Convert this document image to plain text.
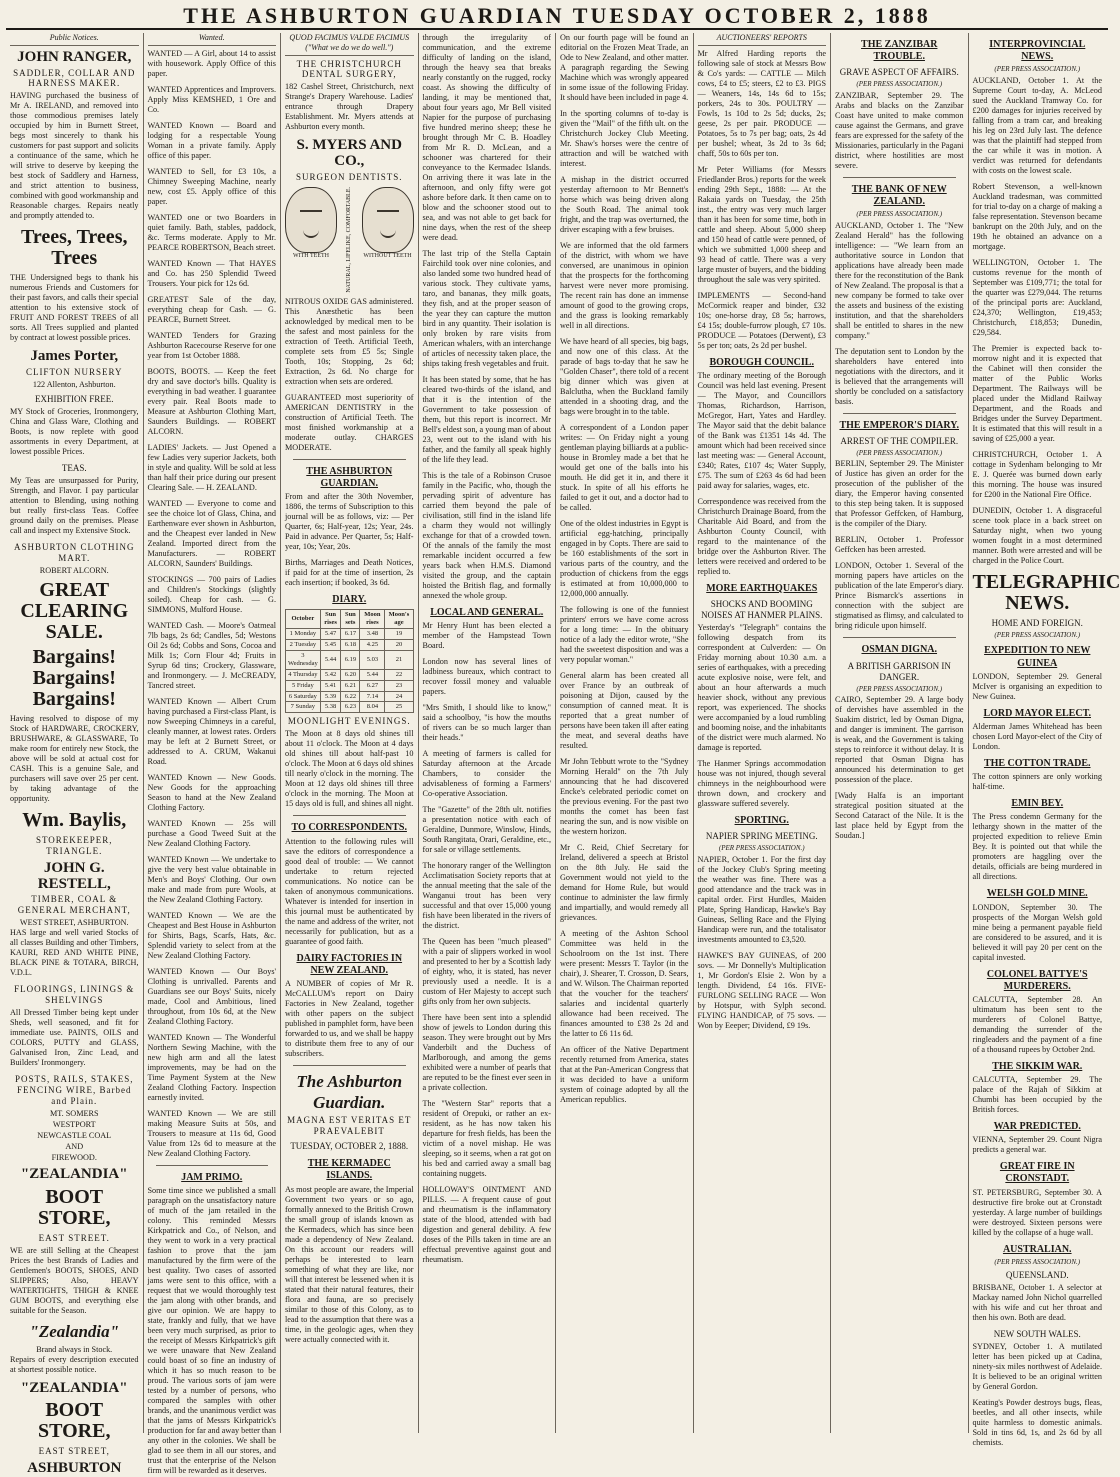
THE ASHBURTON GUARDIAN TUESDAY OCTOBER 2, 1888
Public Notices.
JOHN RANGER,
SADDLER, COLLAR AND HARNESS MAKER.
HAVING purchased the business of Mr A. IRELAND, and removed into those commodious premises lately occupied by him in Burnett Street, begs most sincerely to thank his customers for past support and solicits a continuance of the same, which he will strive to deserve by keeping the best stock of Saddlery and Harness, and strict attention to business, combined with good workmanship and Reasonable charges. Repairs neatly and promptly attended to.
Trees, Trees, Trees
THE Undersigned begs to thank his numerous Friends and Customers for their past favors, and calls their special attention to his extensive stock of FRUIT AND FOREST TREES of all sorts. All Trees supplied and planted by contract at lowest possible prices.
James Porter,
CLIFTON NURSERY
122 Allenton, Ashburton.
EXHIBITION FREE.
MY Stock of Groceries, Ironmongery, China and Glass Ware, Clothing and Boots, is now replete with good assortments in every Department, at lowest possible Prices.
TEAS.
My Teas are unsurpassed for Purity, Strength, and Flavor. I pay particular attention to Blending, using nothing but really first-class Teas. Coffee ground daily on the premises. Please call and inspect my Extensive Stock.
ASHBURTON CLOTHING MART.
ROBERT ALCORN.
GREAT CLEARING SALE.
Bargains! Bargains! Bargains!
Having resolved to dispose of my Stock of HARDWARE, CROCKERY, BRUSHWARE, & GLASSWARE, To make room for entirely new Stock, the above will be sold at actual cost for CASH. This is a genuine Sale, and purchasers will save over 25 per cent. by taking advantage of the opportunity.
Wm. Baylis,
STOREKEEPER, TRIANGLE.
JOHN G. RESTELL,
TIMBER, COAL & GENERAL MERCHANT,
WEST STREET, ASHBURTON.
HAS large and well varied Stocks of all classes Building and other Timbers, KAURI, RED AND WHITE PINE, BLACK PINE & TOTARA, BIRCH, V.D.L.
FLOORINGS, LININGS & SHELVINGS
All Dressed Timber being kept under Sheds, well seasoned, and fit for immediate use. PAINTS, OILS and COLORS, PUTTY and GLASS, Galvanised Iron, Zinc Lead, and Builders' Ironmongery.
POSTS, RAILS, STAKES, FENCING WIRE, Barbed and Plain.
MT. SOMERS
WESTPORT
NEWCASTLE COAL
AND
FIREWOOD.
"ZEALANDIA"
BOOT STORE,
EAST STREET.
WE are still Selling at the Cheapest Prices the best Brands of Ladies and Gentlemen's BOOTS, SHOES, AND SLIPPERS; Also, HEAVY WATERTIGHTS, THIGH & KNEE GUM BOOTS, and everything else suitable for the Season.
"Zealandia"
Brand always in Stock.
Repairs of every description executed at shortest possible notice.
"ZEALANDIA"
BOOT STORE,
EAST STREET,
ASHBURTON
Wanted.
WANTED — A Girl, about 14 to assist with housework. Apply Office of this paper.
WANTED Apprentices and Improvers. Apply Miss KEMSHED, 1 Ore and Co.
WANTED Known — Board and lodging for a respectable Young Woman in a private family. Apply office of this paper.
WANTED to Sell, for £3 10s, a Chimney Sweeping Machine, nearly new, cost £5. Apply office of this paper.
WANTED one or two Boarders in quiet family. Bath, stables, paddock, &c. Terms moderate. Apply to Mr. PEARCE ROBERTSON, Beach street.
WANTED Known — That HAYES and Co. has 250 Splendid Tweed Trousers. Your pick for 12s 6d.
GREATEST Sale of the day, everything cheap for Cash. — G. PEARCE, Burnett Street.
WANTED Tenders for Grazing Ashburton Racecourse Reserve for one year from 1st October 1888.
BOOTS, BOOTS. — Keep the feet dry and save doctor's bills. Quality is everything in bad weather. I guarantee every pair. Real Boots made to Measure at Ashburton Clothing Mart, Saunders Buildings. — ROBERT ALCORN.
LADIES' Jackets. — Just Opened a few Ladies very superior Jackets, both in style and quality. Will be sold at less than half their price during our present Clearing Sale. — H. ZEALAND.
WANTED — Everyone to come and see the choice lot of Glass, China, and Earthenware ever shown in Ashburton, and the Cheapest ever landed in New Zealand. Imported direct from the Manufacturers. — ROBERT ALCORN, Saunders' Buildings.
STOCKINGS — 700 pairs of Ladies and Children's Stockings (slightly soiled). Cheap for cash. — G. SIMMONS, Mulford House.
WANTED Cash. — Moore's Oatmeal 7lb bags, 2s 6d; Candles, 5d; Westons Oil 2s 6d; Cobbs and Sons, Cocoa and Milk 1s; Corn Flour 4d; Fruits in Syrup 6d tins; Crockery, Glassware, and Ironmongery. — J. McCREADY, Tancred street.
WANTED Known — Albert Crum having purchased a First-class Plant, is now Sweeping Chimneys in a careful, cleanly manner, at lowest rates. Orders may be left at 2 Burnett Street, or addressed to A. CRUM, Wakanui Road.
WANTED Known — New Goods. New Goods for the approaching Season to hand at the New Zealand Clothing Factory.
WANTED Known — 25s will purchase a Good Tweed Suit at the New Zealand Clothing Factory.
WANTED Known — We undertake to give the very best value obtainable in Men's and Boys' Clothing. Our own make and made from pure Wools, at the New Zealand Clothing Factory.
WANTED Known — We are the Cheapest and Best House in Ashburton for Shirts, Bags, Scarfs, Hats, &c. Splendid variety to select from at the New Zealand Clothing Factory.
WANTED Known — Our Boys' Clothing is unrivalled. Parents and Guardians see our Boys' Suits, nicely made, Cool and Ambitious, lined throughout, from 10s 6d, at the New Zealand Clothing Factory.
WANTED Known — The Wonderful Northern Sewing Machine, with the new high arm and all the latest improvements, may be had on the Time Payment System at the New Zealand Clothing Factory. Inspection earnestly invited.
WANTED Known — We are still making Measure Suits at 50s, and Trousers to measure at 11s 6d, Good Value from 12s 6d to measure at the New Zealand Clothing Factory.
JAM PRIMO.
Some time since we published a small paragraph on the unsatisfactory nature of much of the jam retailed in the colony. This reminded Messrs Kirkpatrick and Co., of Nelson, and they went to work in a very practical fashion to prove that the jam manufactured by the firm were of the best quality. Two cases of assorted jams were sent to this office, with a request that we would thoroughly test the jam along with other brands, and give our opinion. We are happy to state, frankly and fully, that we have been very much surprised, as prior to the receipt of Messrs Kirkpatrick's gift we were unaware that New Zealand could boast of so fine an industry of which it has so much reason to be proud. The various sorts of jam were tested by a number of persons, who compared the samples with other brands, and the unanimous verdict was that the jams of Messrs Kirkpatrick's production for far and away better than any other in the colonies. We shall be glad to see them in all our stores, and trust that the enterprise of the Nelson firm will be rewarded as it deserves.
QUOD FACIMUS VALDE FACIMUS ("What we do we do well.")
THE CHRISTCHURCH DENTAL SURGERY,
182 Cashel Street, Christchurch, next Strange's Drapery Warehouse. Ladies' entrance through Drapery Establishment. Mr. Myers attends at Ashburton every month.
S. MYERS AND CO.,
SURGEON DENTISTS.
WITH TEETH	NATURAL, LIFELIKE, COMFORTABLE.	WITHOUT TEETH
NITROUS OXIDE GAS administered. This Anæsthetic has been acknowledged by medical men to be the safest and most painless for the extraction of Teeth. Artificial Teeth, complete sets from £5 5s; Single Tooth, 10s; Stopping, 2s 6d; Extraction, 2s 6d. No charge for extraction when sets are ordered.
GUARANTEED most superiority of AMERICAN DENTISTRY in the construction of Artificial Teeth. The most finished workmanship at a moderate outlay. CHARGES MODERATE.
THE ASHBURTON GUARDIAN.
From and after the 30th November, 1886, the terms of Subscription to this journal will be as follows, viz: — Per Quarter, 6s; Half-year, 12s; Year, 24s. Paid in advance. Per Quarter, 5s; Half-year, 10s; Year, 20s.
Births, Marriages and Death Notices, if paid for at the time of insertion, 2s each insertion; if booked, 3s 6d.
DIARY.
October	Sun rises	Sun sets	Moon rises	Moon's age
1 Monday	5.47	6.17	3.48	19
2 Tuesday	5.45	6.18	4.25	20
3 Wednesday	5.44	6.19	5.03	21
4 Thursday	5.42	6.20	5.44	22
5 Friday	5.41	6.21	6.27	23
6 Saturday	5.39	6.22	7.14	24
7 Sunday	5.38	6.23	8.04	25
MOONLIGHT EVENINGS.
The Moon at 8 days old shines till about 11 o'clock. The Moon at 4 days old shines till about half-past 10 o'clock. The Moon at 6 days old shines till nearly o'clock in the morning. The Moon at 12 days old shines till three o'clock in the morning. The Moon at 15 days old is full, and shines all night.
TO CORRESPONDENTS.
Attention to the following rules will save the editors of correspondence a good deal of trouble: — We cannot undertake to return rejected communications. No notice can be taken of anonymous communications. Whatever is intended for insertion in this journal must be authenticated by the name and address of the writer, not necessarily for publication, but as a guarantee of good faith.
DAIRY FACTORIES IN NEW ZEALAND.
A NUMBER of copies of Mr R. McCALLUM's report on Dairy Factories in New Zealand, together with other papers on the subject published in pamphlet form, have been forwarded to us, and we shall be happy to distribute them free to any of our subscribers.
The Ashburton Guardian.
MAGNA EST VERITAS ET PRAEVALEBIT
TUESDAY, OCTOBER 2, 1888.
THE KERMADEC ISLANDS.
As most people are aware, the Imperial Government two years or so ago, formally annexed to the British Crown the small group of islands known as the Kermadecs, which has since been made a dependency of New Zealand. On this account our readers will perhaps be interested to learn something of what they are like, nor will that interest be lessened when it is stated that their natural features, their flora and fauna, are so precisely similar to those of this Colony, as to lead to the assumption that there was a time, in the geologic ages, when they were actually connected with it.
through the irregularity of communication, and the extreme difficulty of landing on the island, through the heavy sea that breaks nearly constantly on the rugged, rocky coast. As showing the difficulty of landing, it may be mentioned that, about four years ago, Mr Bell visited Napier for the purpose of purchasing five hundred merino sheep; these he brought through Mr C. B. Hoadley from Mr R. D. McLean, and a schooner was chartered for their conveyance to the Kermadec Islands. On arriving there it was late in the afternoon, and only fifty were got ashore before dark. It then came on to blow and the schooner stood out to sea, and was not able to get back for nine days, when the rest of the sheep were dead.
The last trip of the Stella Captain Fairchild took over nine colonies, and also landed some two hundred head of various stock. They cultivate yams, taro, and bananas, they milk goats, they fish, and at the proper season of the year they can capture the mutton bird in any quantity. Their isolation is only broken by rare visits from American whalers, with an interchange of articles of necessity taken place, the ships taking fresh vegetables and fruit.
It has been stated by some, that he has cleared two-thirds of the island, and that it is the intention of the Government to take possession of them, but this report is incorrect. Mr Bell's eldest son, a young man of about 23, went out to the island with his father, and the family all speak highly of the life they lead.
This is the tale of a Robinson Crusoe family in the Pacific, who, though the pervading spirit of adventure has carried them beyond the pale of civilisation, still find in the island life a charm they would not willingly exchange for that of a crowded town. Of the annals of the family the most remarkable incident occurred a few years back when H.M.S. Diamond visited the group, and the captain hoisted the British flag, and formally annexed the whole group.
LOCAL AND GENERAL.
Mr Henry Hunt has been elected a member of the Hampstead Town Board.
London now has several lines of ladbiness bureaux, which contract to recover fossil money and valuable papers.
"Mrs Smith, I should like to know," said a schoolboy, "is how the mouths of rivers can be so much larger than their heads."
A meeting of farmers is called for Saturday afternoon at the Arcade Chambers, to consider the advisableness of forming a Farmers' Co-operative Association.
The "Gazette" of the 28th ult. notifies a presentation notice with each of Geraldine, Dunmore, Winslow, Hinds, South Rangitata, Orari, Geraldine, etc., for sale or village settlements.
The honorary ranger of the Wellington Acclimatisation Society reports that at the annual meeting that the sale of the Wanganui trout has been very successful and that over 15,000 young fish have been liberated in the rivers of the district.
The Queen has been "much pleased" with a pair of slippers worked in wool and presented to her by a Scottish lady of eighty, who, it is stated, has never previously used a needle. It is a custom of Her Majesty to accept such gifts only from her own subjects.
There have been sent into a splendid show of jewels to London during this season. They were brought out by Mrs Vanderbilt and the Duchess of Marlborough, and among the gems exhibited were a number of pearls that are reputed to be the finest ever seen in a private collection.
The "Western Star" reports that a resident of Orepuki, or rather an ex-resident, as he has now taken his departure for fresh fields, has been the victim of a novel mishap. He was sleeping, so it seems, when a rat got on his bed and carried away a small bag containing nuggets.
HOLLOWAY'S OINTMENT AND PILLS. — A frequent cause of gout and rheumatism is the inflammatory state of the blood, attended with bad digestion and general debility. A few doses of the Pills taken in time are an effectual preventive against gout and rheumatism.
On our fourth page will be found an editorial on the Frozen Meat Trade, an Ode to New Zealand, and other matter. A paragraph regarding the Sewing Machine which was wrongly appeared in some issue of the following Friday. It should have been included in page 4.
In the sporting columns of to-day is given the "Mail" of the fifth ult. on the Christchurch Jockey Club Meeting. Mr. Shaw's horses were the centre of attraction and will be watched with interest.
A mishap in the district occurred yesterday afternoon to Mr Bennett's horse which was being driven along the South Road. The animal took fright, and the trap was overturned, the driver escaping with a few bruises.
We are informed that the old farmers of the district, with whom we have conversed, are unanimous in opinion that the prospects for the forthcoming harvest were never more promising. The recent rain has done an immense amount of good to the growing crops, and the grass is looking remarkably well in all directions.
We have heard of all species, big bags, and now one of this class. At the parade of bags to-day that he saw he "Golden Chaser", there told of a recent big dinner which was given at Balclutha, when the Buckland family attended in a shooting drag, and the bags were brought in to the table.
A correspondent of a London paper writes: — On Friday night a young gentleman playing billiards at a public-house in Bromley made a bet that he would get one of the balls into his mouth. He did get it in, and there it stuck. In spite of all his efforts he failed to get it out, and a doctor had to be called.
One of the oldest industries in Egypt is artificial egg-hatching, principally engaged in by Copts. There are said to be 160 establishments of the sort in various parts of the country, and the production of chickens from the eggs is estimated at from 10,000,000 to 12,000,000 annually.
The following is one of the funniest printers' errors we have come across for a long time: — In the obituary notice of a lady the editor wrote, "She had the sweetest disposition and was a very popular woman."
General alarm has been created all over France by an outbreak of poisoning at Dijon, caused by the consumption of canned meat. It is reported that a great number of persons have been taken ill after eating the meat, and several deaths have resulted.
Mr John Tebbutt wrote to the "Sydney Morning Herald" on the 7th July announcing that he had discovered Encke's celebrated periodic comet on the previous evening. For the past two months the comet has been fast nearing the sun, and is now visible on the western horizon.
Mr C. Reid, Chief Secretary for Ireland, delivered a speech at Bristol on the 8th July. He said the Government would not yield to the demand for Home Rule, but would continue to administer the law firmly and impartially, and would remedy all grievances.
A meeting of the Ashton School Committee was held in the Schoolroom on the 1st inst. There were present: Messrs T. Taylor (in the chair), J. Shearer, T. Crosson, D. Sears, and W. Wilson. The Chairman reported that the voucher for the teachers' salaries and incidental quarterly allowance had been received. The finances amounted to £38 2s 2d and the latter to £6 11s 6d.
An officer of the Native Department recently returned from America, states that at the Pan-American Congress that it was decided to have a uniform system of coinage adopted by all the American republics.
AUCTIONEERS' REPORTS
Mr Alfred Harding reports the following sale of stock at Messrs Bow & Co's yards: — CATTLE — Milch cows, £4 to £5; steers, £2 to £3. PIGS — Weaners, 14s, 14s 6d to 15s; porkers, 24s to 30s. POULTRY — Fowls, 1s 10d to 2s 5d; ducks, 2s; geese, 2s per pair. PRODUCE — Potatoes, 5s to 7s per bag; oats, 2s 4d per bushel; wheat, 3s 2d to 3s 6d; chaff, 50s to 60s per ton.
Mr Peter Williams (for Messrs Friedlander Bros.) reports for the week ending 29th Sept., 1888: — At the Rakaia yards on Tuesday, the 25th inst., the entry was very much larger than it has been for some time, both in cattle and sheep. About 5,000 sheep and 150 head of cattle were penned, of which we submitted 1,000 sheep and 93 head of cattle. There was a very large muster of buyers, and the bidding throughout the sale was very spirited.
IMPLEMENTS — Second-hand McCormick reaper and binder, £32 10s; one-horse dray, £8 5s; harrows, £4 15s; double-furrow plough, £7 10s. PRODUCE — Potatoes (Derwent), £3 5s per ton; oats, 2s 2d per bushel.
BOROUGH COUNCIL.
The ordinary meeting of the Borough Council was held last evening. Present — The Mayor, and Councillors Thomas, Richardson, Harrison, McGregor, Hart, Yates and Hardley. The Mayor said that the debit balance of the Bank was £1351 14s 4d. The amount which had been received since last meeting was: — General Account, £340; Rates, £107 4s; Water Supply, £75. The sum of £263 4s 6d had been paid away for salaries, wages, etc.
Correspondence was received from the Christchurch Drainage Board, from the Charitable Aid Board, and from the Ashburton County Council, with regard to the maintenance of the bridge over the Ashburton River. The letters were received and ordered to be replied to.
MORE EARTHQUAKES
SHOCKS AND BOOMING NOISES AT HANMER PLAINS.
Yesterday's "Telegraph" contains the following despatch from its correspondent at Culverden: — On Friday morning about 10.30 a.m. a series of earthquakes, with a preceding acute explosive noise, were felt, and about an hour afterwards a much heavier shock, without any previous report, was experienced. The shocks were accompanied by a loud rumbling and booming noise, and the inhabitants of the district were much alarmed. No damage is reported.
The Hanmer Springs accommodation house was not injured, though several chimneys in the neighbourhood were thrown down, and crockery and glassware suffered severely.
SPORTING.
NAPIER SPRING MEETING.
(PER PRESS ASSOCIATION.)
NAPIER, October 1. For the first day of the Jockey Club's Spring meeting the weather was fine. There was a good attendance and the track was in capital order. First Hurdles, Maiden Plate, Spring Handicap, Hawke's Bay Guineas, Selling Race and the Flying Handicap were run, and the totalisator investments amounted to £3,520.
HAWKE'S BAY GUINEAS, of 200 sovs. — Mr Donnelly's Multiplication 1, Mr Gordon's Elsie 2. Won by a length. Dividend, £4 16s. FIVE-FURLONG SELLING RACE — Won by Hotspur, with Sylph second. FLYING HANDICAP, of 75 sovs. — Won by Eeeper; Dividend, £9 19s.
THE ZANZIBAR TROUBLE.
GRAVE ASPECT OF AFFAIRS.
(PER PRESS ASSOCIATION.)
ZANZIBAR, September 29. The Arabs and blacks on the Zanzibar Coast have united to make common cause against the Germans, and grave fears are expressed for the safety of the Missionaries, particularly in the Pagani district, where hostilities are most severe.
THE BANK OF NEW ZEALAND.
(PER PRESS ASSOCIATION.)
AUCKLAND, October 1. The "New Zealand Herald" has the following intelligence: — "We learn from an authoritative source in London that applications have already been made there for the reconstitution of the Bank of New Zealand. The proposal is that a new company be formed to take over the assets and business of the existing institution, and that the shareholders shall be entitled to shares in the new company."
The deputation sent to London by the shareholders have entered into negotiations with the directors, and it is believed that the arrangements will shortly be concluded on a satisfactory basis.
THE EMPEROR'S DIARY.
ARREST OF THE COMPILER.
(PER PRESS ASSOCIATION.)
BERLIN, September 29. The Minister of Justice has given an order for the prosecution of the publisher of the diary, the Emperor having consented to this step being taken. It is supposed that Professor Geffcken, of Hamburg, is the compiler of the Diary.
BERLIN, October 1. Professor Geffcken has been arrested.
LONDON, October 1. Several of the morning papers have articles on the publication of the late Emperor's diary. Prince Bismarck's assertions in connection with the subject are stigmatised as flimsy, and calculated to bring ridicule upon himself.
OSMAN DIGNA.
A BRITISH GARRISON IN DANGER.
(PER PRESS ASSOCIATION.)
CAIRO, September 29. A large body of dervishes have assembled in the Suakim district, led by Osman Digna, and danger is imminent. The garrison is weak, and the Government is taking steps to reinforce it without delay. It is reported that Osman Digna has announced his determination to get possession of the place.
[Wady Halfa is an important strategical position situated at the Second Cataract of the Nile. It is the last place held by Egypt from the Soudan.]
INTERPROVINCIAL NEWS.
(PER PRESS ASSOCIATION.)
AUCKLAND, October 1. At the Supreme Court to-day, A. McLeod sued the Auckland Tramway Co. for £200 damages for injuries received by falling from a tram car, and breaking his leg on 23rd July last. The defence was that the plaintiff had stepped from the car while it was in motion. A verdict was returned for defendants with costs on the lowest scale.
Robert Stevenson, a well-known Auckland tradesman, was committed for trial to-day on a charge of making a false representation. Stevenson became bankrupt on the 20th July, and on the 19th he obtained an advance on a mortgage.
WELLINGTON, October 1. The customs revenue for the month of September was £109,771; the total for the quarter was £279,044. The returns of the principal ports are: Auckland, £24,370; Wellington, £19,453; Christchurch, £18,853; Dunedin, £29,584.
The Premier is expected back to-morrow night and it is expected that the Cabinet will then consider the matter of the Public Works Department. The Railways will be placed under the Midland Railway Department, and the Roads and Bridges under the Survey Department. It is estimated that this will result in a saving of £25,000 a year.
CHRISTCHURCH, October 1. A cottage in Sydenham belonging to Mr E. J. Querée was burned down early this morning. The house was insured for £200 in the National Fire Office.
DUNEDIN, October 1. A disgraceful scene took place in a back street on Saturday night, when two young women fought in a most determined manner. Both were arrested and will be charged in the Police Court.
TELEGRAPHIC NEWS.
HOME AND FOREIGN.
(PER PRESS ASSOCIATION.)
EXPEDITION TO NEW GUINEA
LONDON, September 29. General McIver is organising an expedition to New Guinea.
LORD MAYOR ELECT.
Alderman James Whitehead has been chosen Lord Mayor-elect of the City of London.
THE COTTON TRADE.
The cotton spinners are only working half-time.
EMIN BEY.
The Press condemn Germany for the lethargy shown in the matter of the projected expedition to relieve Emin Bey. It is pointed out that while the promoters are haggling over the details, officials are being murdered in all directions.
WELSH GOLD MINE.
LONDON, September 30. The prospects of the Morgan Welsh gold mine being a permanent payable field are considered to be assured, and it is believed it will pay 20 per cent on the capital invested.
COLONEL BATTYE'S MURDERERS.
CALCUTTA, September 28. An ultimatum has been sent to the murderers of Colonel Battye, demanding the surrender of the ringleaders and the payment of a fine of a thousand rupees by October 2nd.
THE SIKKIM WAR.
CALCUTTA, September 29. The palace of the Rajah of Sikkim at Chumbi has been occupied by the British forces.
WAR PREDICTED.
VIENNA, September 29. Count Nigra predicts a general war.
GREAT FIRE IN CRONSTADT.
ST. PETERSBURG, September 30. A destructive fire broke out at Cronstadt yesterday. A large number of buildings were destroyed. Sixteen persons were killed by the collapse of a huge wall.
AUSTRALIAN.
(PER PRESS ASSOCIATION.)
QUEENSLAND.
BRISBANE, October 1. A selector at Mackay named John Nichol quarrelled with his wife and cut her throat and then his own. Both are dead.
NEW SOUTH WALES.
SYDNEY, October 1. A mutilated letter has been picked up at Cadina, ninety-six miles northwest of Adelaide. It is believed to be an original written by General Gordon.
Keating's Powder destroys bugs, fleas, beetles, and all other insects, while quite harmless to domestic animals. Sold in tins 6d, 1s, and 2s 6d by all chemists.
